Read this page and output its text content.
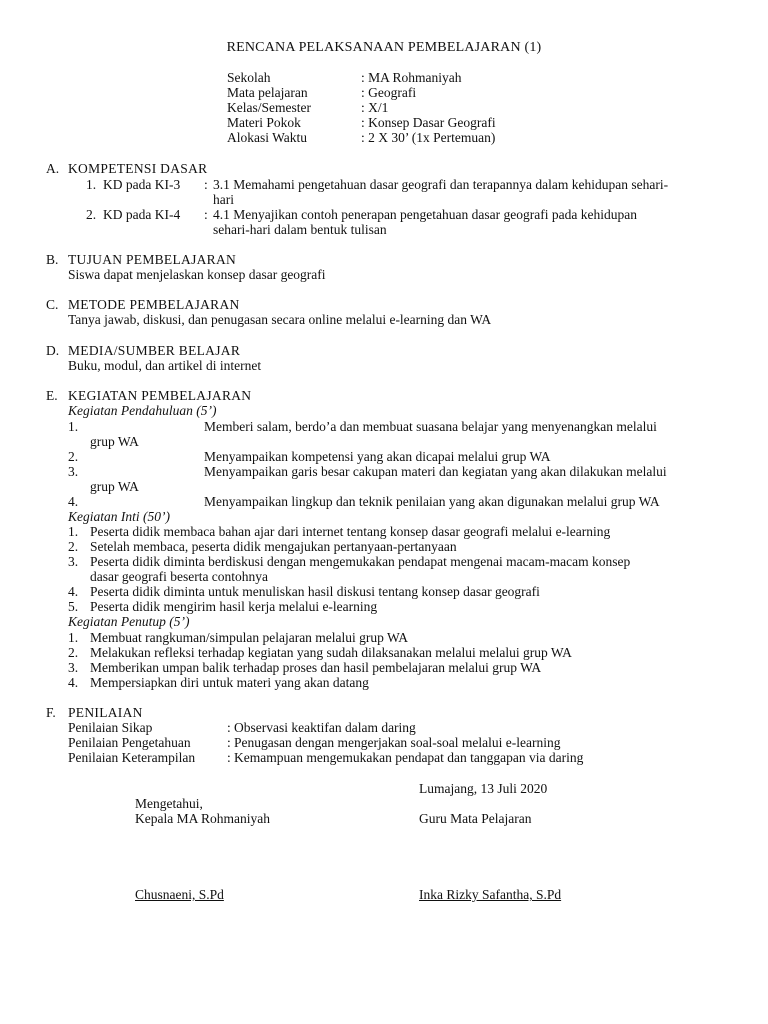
RENCANA PELAKSANAAN PEMBELAJARAN (1)
Sekolah	: MA Rohmaniyah
Mata pelajaran	: Geografi
Kelas/Semester	: X/1
Materi Pokok	: Konsep Dasar Geografi
Alokasi Waktu	: 2 X 30’ (1x Pertemuan)
A. KOMPETENSI DASAR
1. KD pada KI-3 : 3.1 Memahami pengetahuan dasar geografi dan terapannya dalam kehidupan sehari-
hari
2. KD pada KI-4 : 4.1 Menyajikan contoh penerapan pengetahuan dasar geografi pada kehidupan
sehari-hari dalam bentuk tulisan
B. TUJUAN PEMBELAJARAN
Siswa dapat menjelaskan konsep dasar geografi
C. METODE PEMBELAJARAN
Tanya jawab, diskusi, dan penugasan secara online melalui e-learning dan WA
D. MEDIA/SUMBER BELAJAR
Buku, modul, dan artikel di internet
E. KEGIATAN PEMBELAJARAN
Kegiatan Pendahuluan (5’)
1.	Memberi salam, berdo’a dan membuat suasana belajar yang menyenangkan melalui
grup WA
2.	Menyampaikan kompetensi yang akan dicapai melalui grup WA
3.	Menyampaikan garis besar cakupan materi dan kegiatan yang akan dilakukan melalui
grup WA
4.	Menyampaikan lingkup dan teknik penilaian yang akan digunakan melalui grup WA
Kegiatan Inti (50’)
1. Peserta didik membaca bahan ajar dari internet tentang konsep dasar geografi melalui e-learning
2. Setelah membaca, peserta didik mengajukan pertanyaan-pertanyaan
3. Peserta didik diminta berdiskusi dengan mengemukakan pendapat mengenai macam-macam konsep
dasar geografi beserta contohnya
4. Peserta didik diminta untuk menuliskan hasil diskusi tentang konsep dasar geografi
5. Peserta didik mengirim hasil kerja melalui e-learning
Kegiatan Penutup (5’)
1. Membuat rangkuman/simpulan pelajaran melalui grup WA
2. Melakukan refleksi terhadap kegiatan yang sudah dilaksanakan melalui melalui grup WA
3. Memberikan umpan balik terhadap proses dan hasil pembelajaran melalui grup WA
4. Mempersiapkan diri untuk materi yang akan datang
F. PENILAIAN
Penilaian Sikap	: Observasi keaktifan dalam daring
Penilaian Pengetahuan	: Penugasan dengan mengerjakan soal-soal melalui e-learning
Penilaian Keterampilan : Kemampuan mengemukakan pendapat dan tanggapan via daring
Lumajang, 13 Juli 2020
Mengetahui,
Kepala MA Rohmaniyah	Guru Mata Pelajaran
Chusnaeni, S.Pd	Inka Rizky Safantha, S.Pd
